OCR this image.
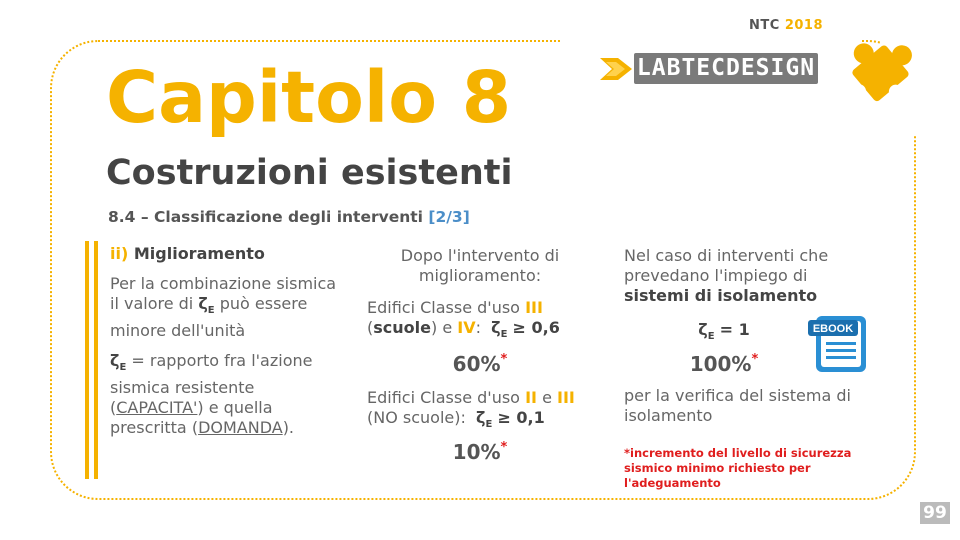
NTC 2018
LABTECDESIGN
Capitolo 8
Costruzioni esistenti
8.4 – Classificazione degli interventi [2/3]

ii) Miglioramento

Per la combinazione sismica il valore di $\zeta_E$ può essere minore dell'unità

$\zeta_E$ = rapporto fra l'azione sismica resistente (CAPACITA') e quella prescritta (DOMANDA).

Dopo l'intervento di miglioramento:
Edifici Classe d'uso III
(scuole) e IV: $\zeta_E \ge 0,6$
60%*
Edifici Classe d'uso II e III
(NO scuole): $\zeta_E \ge 0,1$
10%*
Nel caso di interventi che prevedano l'impiego di
sistemi di isolamento
$\zeta_E = 1$
100%*
per la verifica del sistema di isolamento
*incremento del livello di sicurezza sismico minimo richiesto per l'adeguamento
EBOOK
99
